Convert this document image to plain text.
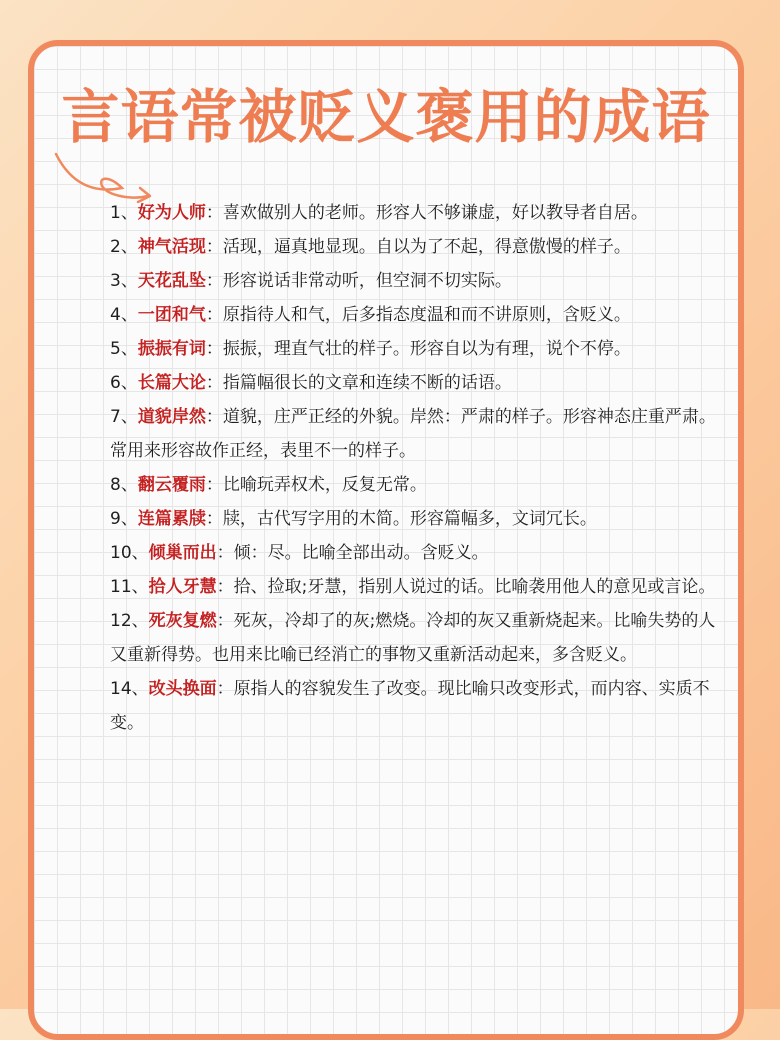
言语常被贬义褒用的成语

1、好为人师：喜欢做别人的老师。形容人不够谦虚，好以教导者自居。

2、神气活现：活现，逼真地显现。自以为了不起，得意傲慢的样子。

3、天花乱坠：形容说话非常动听，但空洞不切实际。

4、一团和气：原指待人和气，后多指态度温和而不讲原则，含贬义。

5、振振有词：振振，理直气壮的样子。形容自以为有理，说个不停。

6、长篇大论：指篇幅很长的文章和连续不断的话语。

7、道貌岸然：道貌，庄严正经的外貌。岸然：严肃的样子。形容神态庄重严肃。常用来形容故作正经，表里不一的样子。

8、翻云覆雨：比喻玩弄权术，反复无常。

9、连篇累牍：牍，古代写字用的木简。形容篇幅多，文词冗长。

10、倾巢而出：倾：尽。比喻全部出动。含贬义。

11、拾人牙慧：拾、捡取;牙慧，指别人说过的话。比喻袭用他人的意见或言论。

12、死灰复燃：死灰，冷却了的灰;燃烧。冷却的灰又重新烧起来。比喻失势的人又重新得势。也用来比喻已经消亡的事物又重新活动起来，多含贬义。

14、改头换面：原指人的容貌发生了改变。现比喻只改变形式，而内容、实质不变。
